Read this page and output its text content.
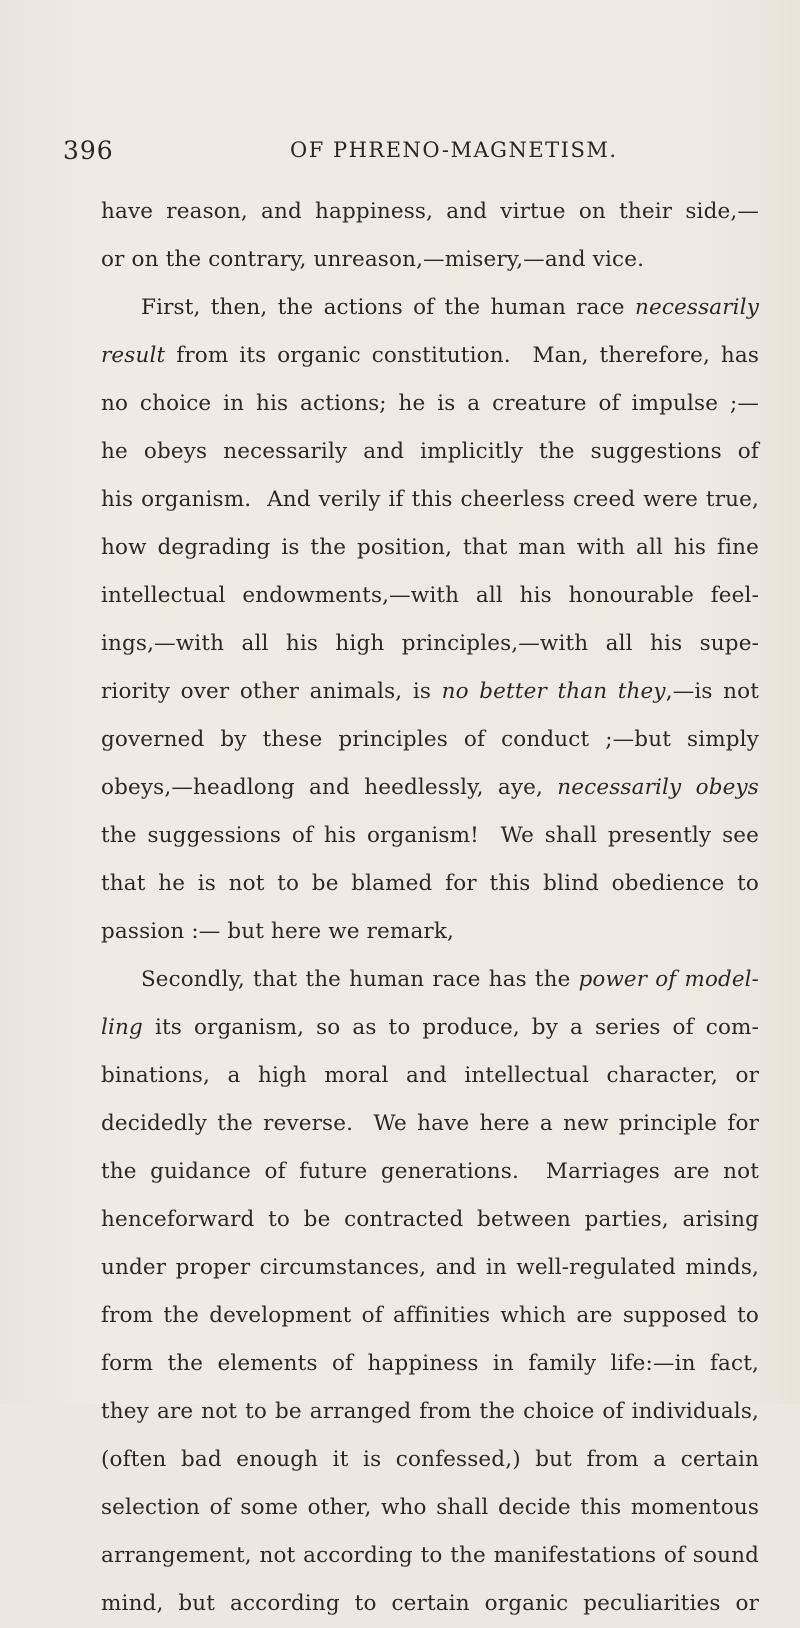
396	OF PHRENO-MAGNETISM.
have reason, and happiness, and virtue on their side,—
or on the contrary, unreason,—misery,—and vice.
First, then, the actions of the human race necessarily
result from its organic constitution.  Man, therefore, has
no choice in his actions; he is a creature of impulse ;—
he obeys necessarily and implicitly the suggestions of
his organism.  And verily if this cheerless creed were true,
how degrading is the position, that man with all his fine
intellectual endowments,—with all his honourable feel-
ings,—with all his high principles,—with all his supe-
riority over other animals, is no better than they,—is not
governed by these principles of conduct ;—but simply
obeys,—headlong and heedlessly, aye, necessarily obeys
the suggessions of his organism!  We shall presently see
that he is not to be blamed for this blind obedience to
passion :— but here we remark,
Secondly, that the human race has the power of model-
ling its organism, so as to produce, by a series of com-
binations, a high moral and intellectual character, or
decidedly the reverse.  We have here a new principle for
the guidance of future generations.  Marriages are not
henceforward to be contracted between parties, arising
under proper circumstances, and in well-regulated minds,
from the development of affinities which are supposed to
form the elements of happiness in family life:—in fact,
they are not to be arranged from the choice of individuals,
(often bad enough it is confessed,) but from a certain
selection of some other, who shall decide this momentous
arrangement, not according to the manifestations of sound
mind, but according to certain organic peculiarities or
